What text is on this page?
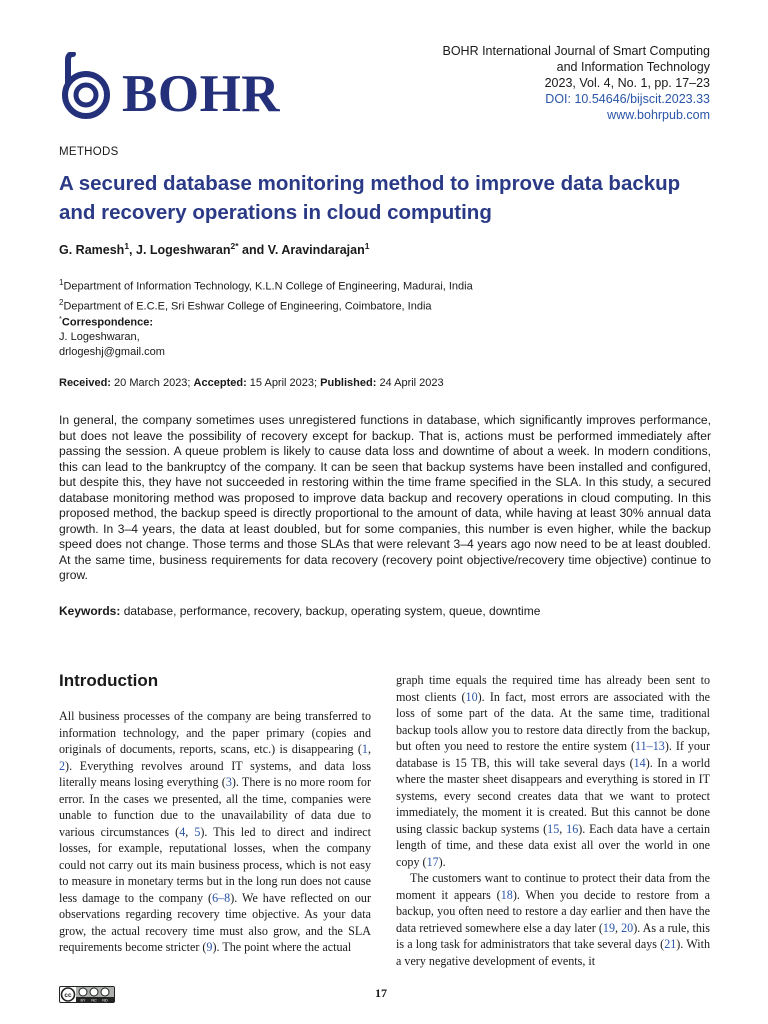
BOHR
BOHR International Journal of Smart Computing
and Information Technology
2023, Vol. 4, No. 1, pp. 17–23
DOI: 10.54646/bijscit.2023.33
www.bohrpub.com
METHODS
A secured database monitoring method to improve data backup and recovery operations in cloud computing
G. Ramesh$^1$, J. Logeshwaran$^{2*}$ and V. Aravindarajan$^1$
$^1$Department of Information Technology, K.L.N College of Engineering, Madurai, India
$^2$Department of E.C.E, Sri Eshwar College of Engineering, Coimbatore, India
*Correspondence:
J. Logeshwaran,
drlogeshj@gmail.com
Received: 20 March 2023; Accepted: 15 April 2023; Published: 24 April 2023
In general, the company sometimes uses unregistered functions in database, which significantly improves performance, but does not leave the possibility of recovery except for backup. That is, actions must be performed immediately after passing the session. A queue problem is likely to cause data loss and downtime of about a week. In modern conditions, this can lead to the bankruptcy of the company. It can be seen that backup systems have been installed and configured, but despite this, they have not succeeded in restoring within the time frame specified in the SLA. In this study, a secured database monitoring method was proposed to improve data backup and recovery operations in cloud computing. In this proposed method, the backup speed is directly proportional to the amount of data, while having at least 30% annual data growth. In 3–4 years, the data at least doubled, but for some companies, this number is even higher, while the backup speed does not change. Those terms and those SLAs that were relevant 3–4 years ago now need to be at least doubled. At the same time, business requirements for data recovery (recovery point objective/recovery time objective) continue to grow.
Keywords: database, performance, recovery, backup, operating system, queue, downtime
Introduction

All business processes of the company are being transferred to information technology, and the paper primary (copies and originals of documents, reports, scans, etc.) is disappearing (1, 2). Everything revolves around IT systems, and data loss literally means losing everything (3). There is no more room for error. In the cases we presented, all the time, companies were unable to function due to the unavailability of data due to various circumstances (4, 5). This led to direct and indirect losses, for example, reputational losses, when the company could not carry out its main business process, which is not easy to measure in monetary terms but in the long run does not cause less damage to the company (6–8). We have reflected on our observations regarding recovery time objective. As your data grow, the actual recovery time must also grow, and the SLA requirements become stricter (9). The point where the actual

graph time equals the required time has already been sent to most clients (10). In fact, most errors are associated with the loss of some part of the data. At the same time, traditional backup tools allow you to restore data directly from the backup, but often you need to restore the entire system (11–13). If your database is 15 TB, this will take several days (14). In a world where the master sheet disappears and everything is stored in IT systems, every second creates data that we want to protect immediately, the moment it is created. But this cannot be done using classic backup systems (15, 16). Each data have a certain length of time, and these data exist all over the world in one copy (17).

The customers want to continue to protect their data from the moment it appears (18). When you decide to restore from a backup, you often need to restore a day earlier and then have the data retrieved somewhere else a day later (19, 20). As a rule, this is a long task for administrators that take several days (21). With a very negative development of events, it

cc
BY NC ND
17
